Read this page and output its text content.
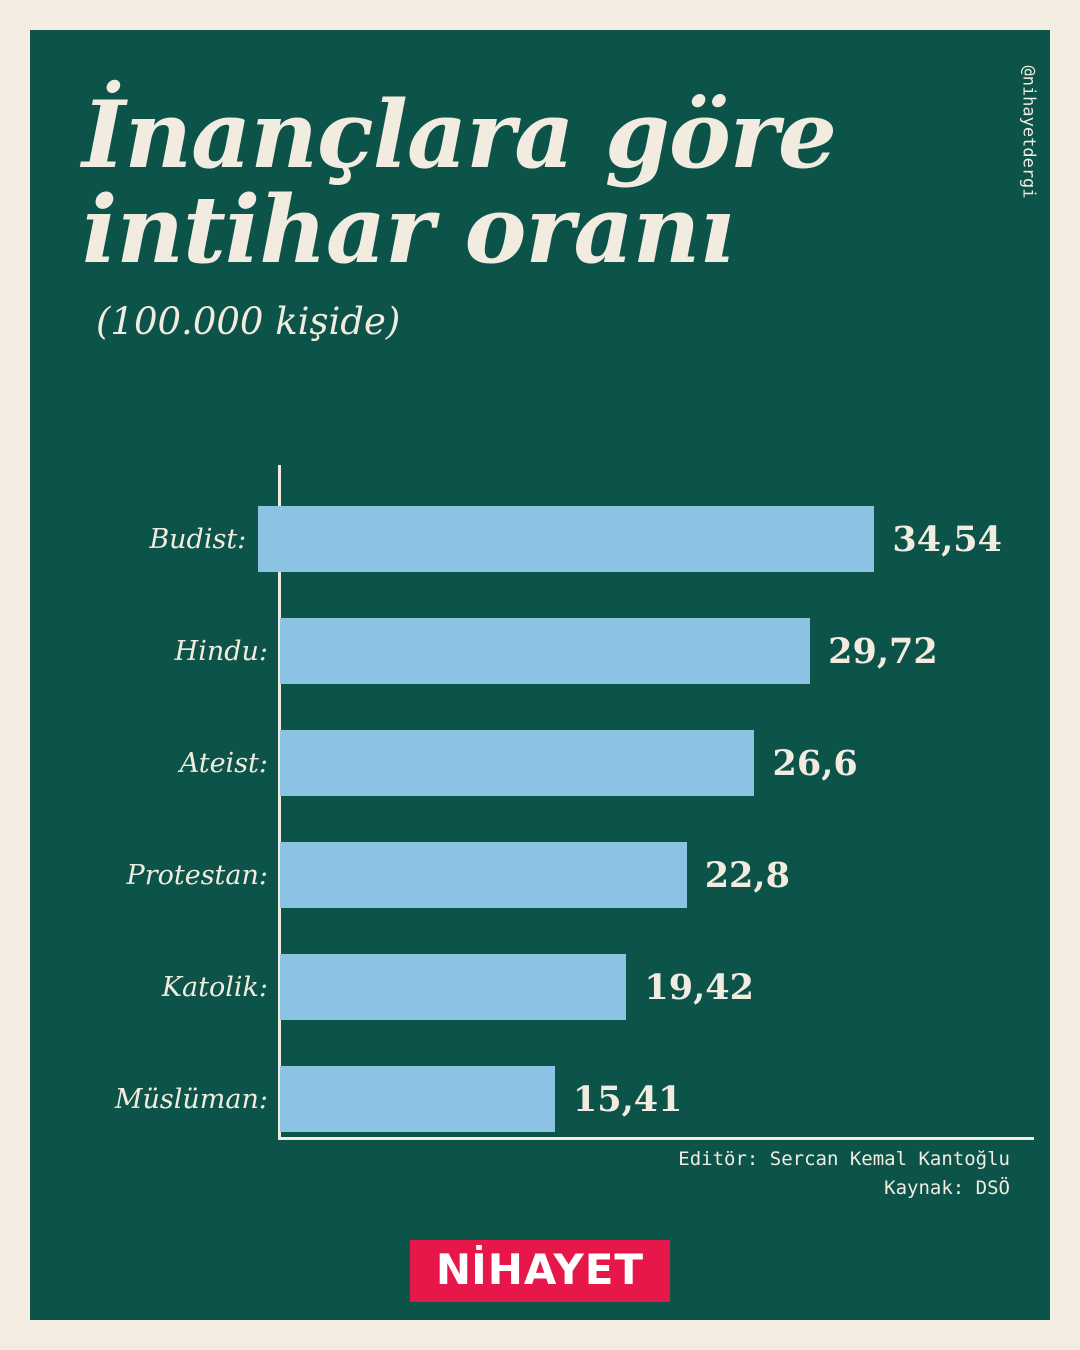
@nihayetdergi
İnançlara göre
intihar oranı
(100.000 kişide)
Budist:	34,54
Hindu:	29,72
Ateist:	26,6
Protestan:	22,8
Katolik:	19,42
Müslüman:	15,41
Editör: Sercan Kemal Kantoğlu
Kaynak: DSÖ
N İHAYET
